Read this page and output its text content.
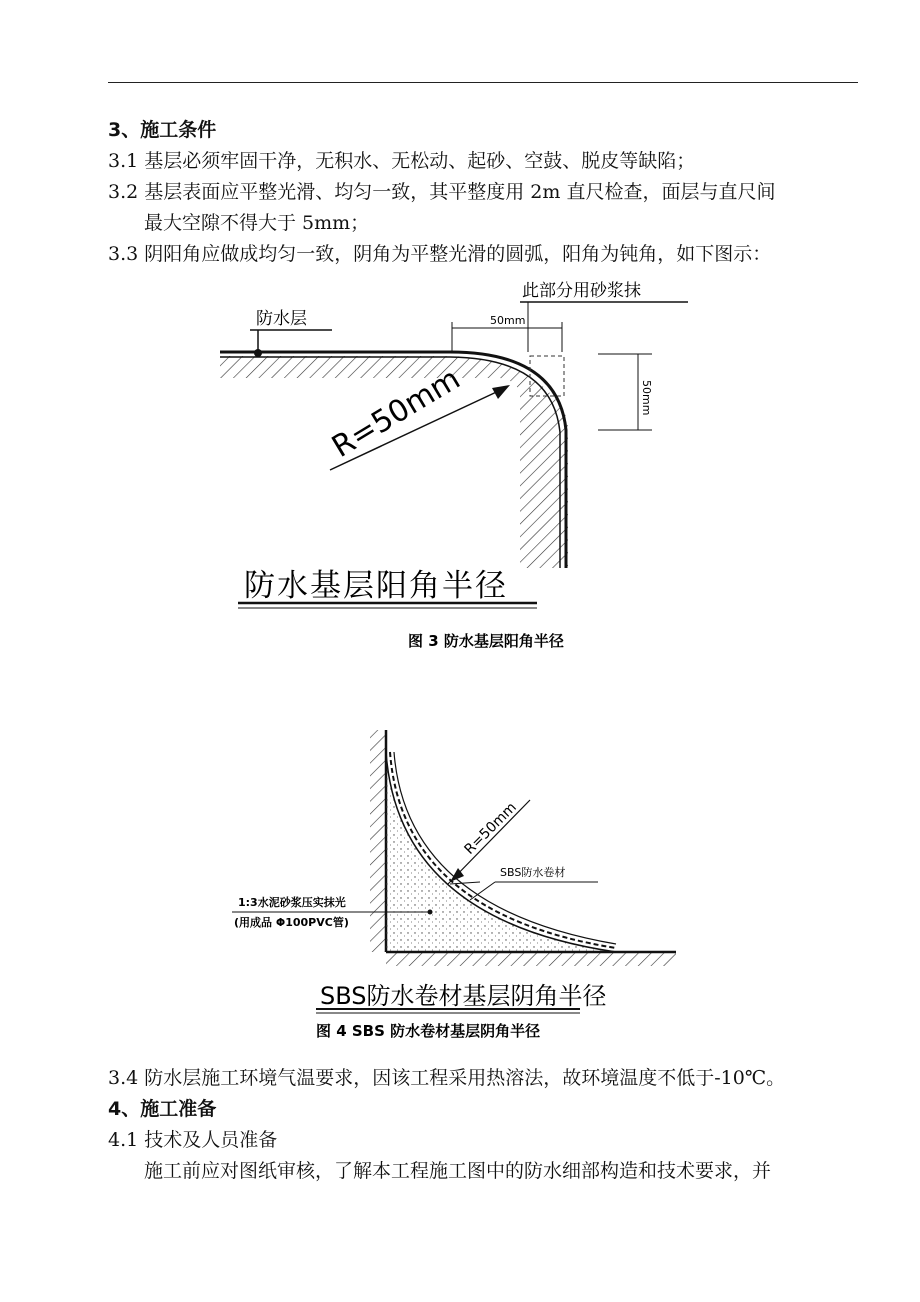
3、施工条件
3.1 基层必须牢固干净，无积水、无松动、起砂、空鼓、脱皮等缺陷；
3.2 基层表面应平整光滑、均匀一致，其平整度用 2m 直尺检查，面层与直尺间
最大空隙不得大于 5mm；
3.3 阴阳角应做成均匀一致，阴角为平整光滑的圆弧，阳角为钝角，如下图示：
防水层
此部分用砂浆抹
50mm
50mm
R=50mm
防水基层阳角半径
图 3 防水基层阳角半径
R=50mm
SBS防水卷材
1:3水泥砂浆压实抹光
(用成品 Φ100PVC管)
SBS防水卷材基层阴角半径
图 4 SBS 防水卷材基层阴角半径
3.4 防水层施工环境气温要求，因该工程采用热溶法，故环境温度不低于-10℃。
4、施工准备
4.1 技术及人员准备
施工前应对图纸审核，了解本工程施工图中的防水细部构造和技术要求，并
